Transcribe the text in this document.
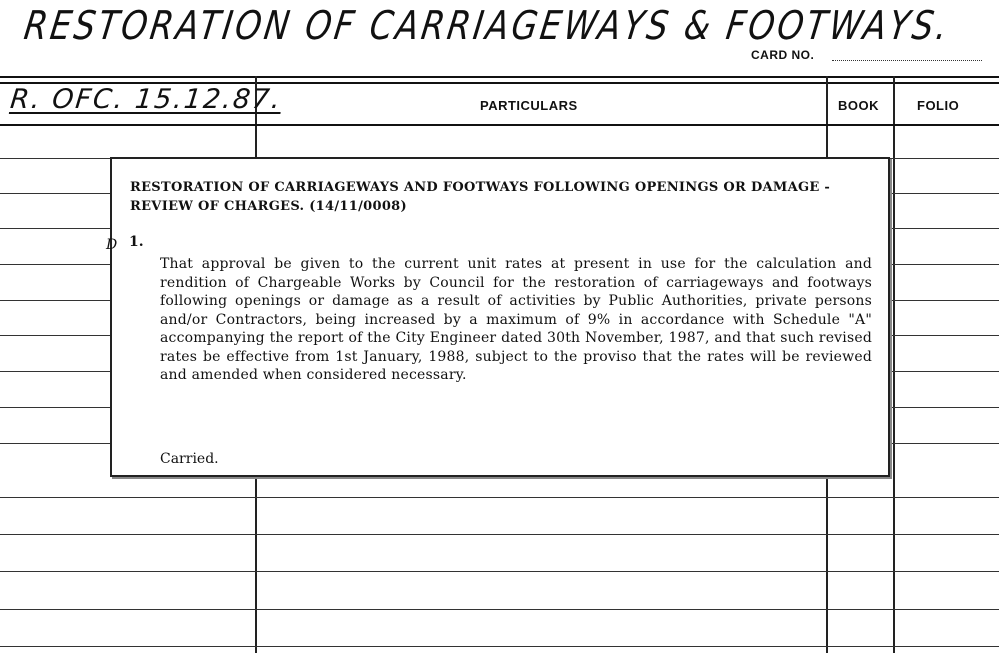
RESTORATION OF CARRIAGEWAYS & FOOTWAYS.
CARD NO.
PARTICULARS	BOOK	FOLIO
R. OFC. 15.12.87.
RESTORATION OF CARRIAGEWAYS AND FOOTWAYS FOLLOWING OPENINGS OR DAMAGE - REVIEW OF CHARGES. (14/11/0008)
D 1.
That approval be given to the current unit rates at present in use for the calculation and rendition of Chargeable Works by Council for the restoration of carriageways and footways following openings or damage as a result of activities by Public Authorities, private persons and/or Contractors, being increased by a maximum of 9% in accordance with Schedule "A" accompanying the report of the City Engineer dated 30th November, 1987, and that such revised rates be effective from 1st January, 1988, subject to the proviso that the rates will be reviewed and amended when considered necessary.
Carried.
